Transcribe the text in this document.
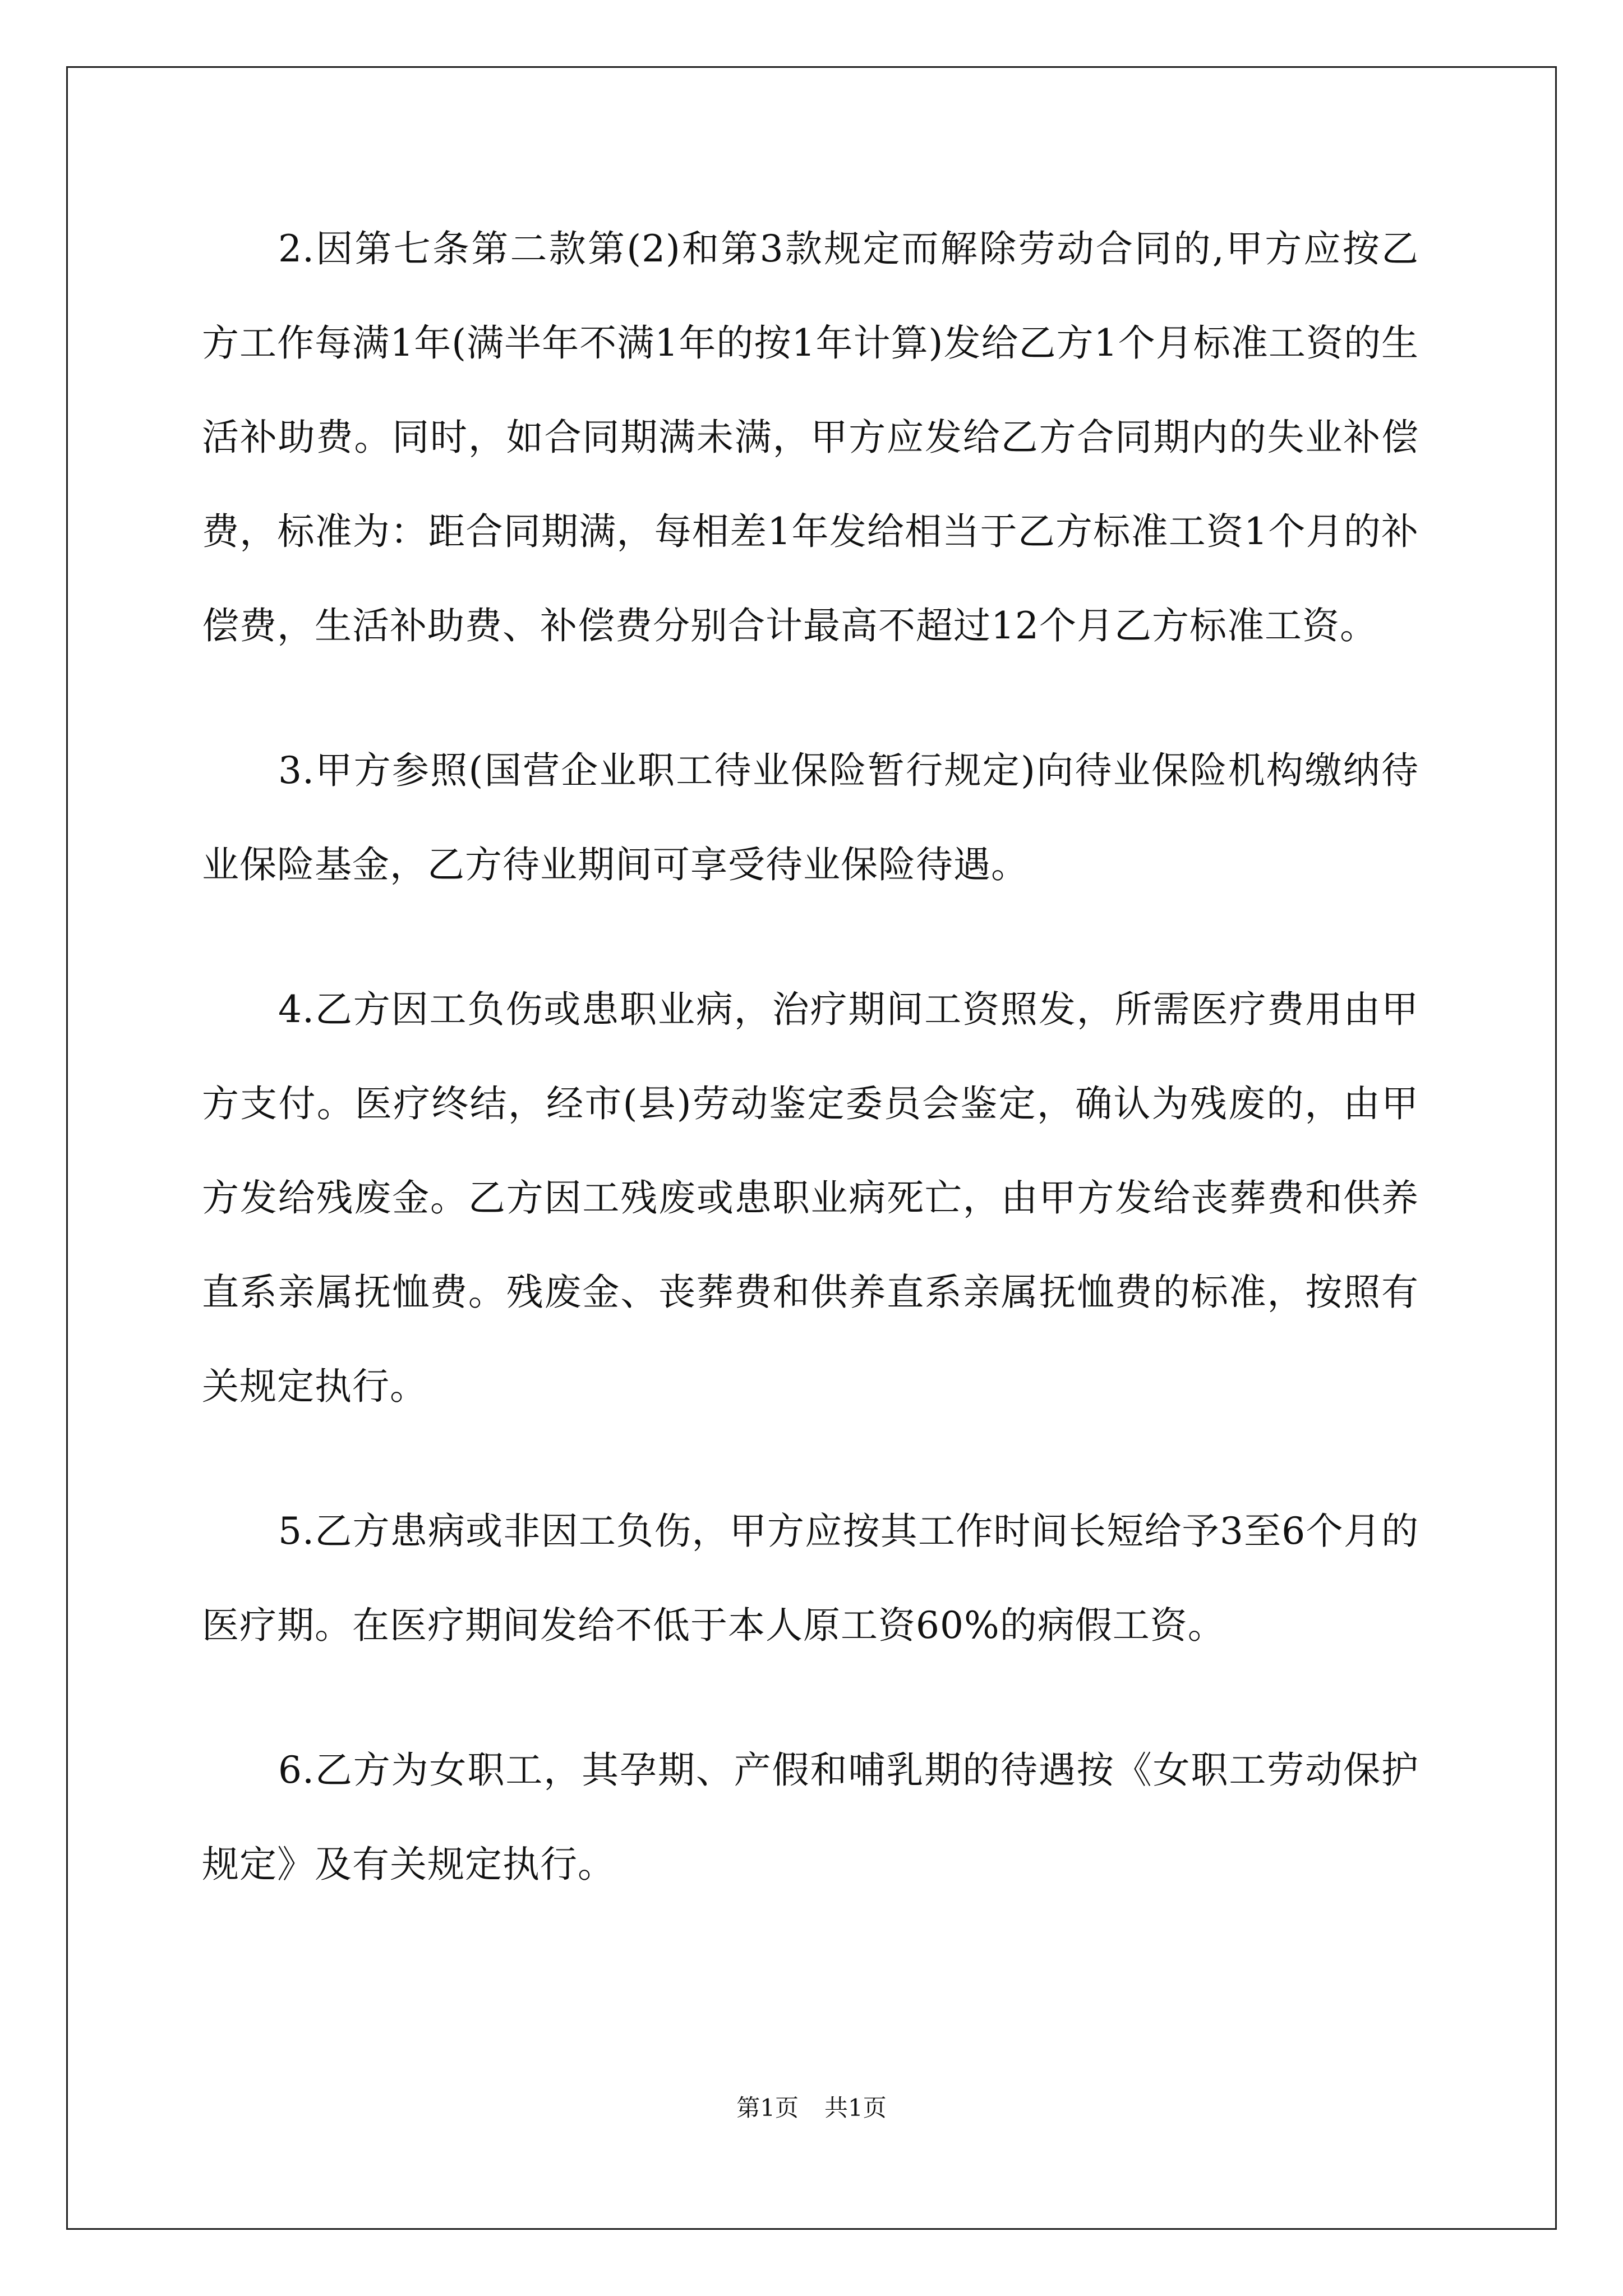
2.因第七条第二款第(2)和第3款规定而解除劳动合同的,甲方应按乙方工作每满1年(满半年不满1年的按1年计算)发给乙方1个月标准工资的生活补助费。同时，如合同期满未满，甲方应发给乙方合同期内的失业补偿费，标准为：距合同期满，每相差1年发给相当于乙方标准工资1个月的补偿费，生活补助费、补偿费分别合计最高不超过12个月乙方标准工资。

3.甲方参照(国营企业职工待业保险暂行规定)向待业保险机构缴纳待业保险基金，乙方待业期间可享受待业保险待遇。

4.乙方因工负伤或患职业病，治疗期间工资照发，所需医疗费用由甲方支付。医疗终结，经市(县)劳动鉴定委员会鉴定，确认为残废的，由甲方发给残废金。乙方因工残废或患职业病死亡，由甲方发给丧葬费和供养直系亲属抚恤费。残废金、丧葬费和供养直系亲属抚恤费的标准，按照有关规定执行。

5.乙方患病或非因工负伤，甲方应按其工作时间长短给予3至6个月的医疗期。在医疗期间发给不低于本人原工资60%的病假工资。

6.乙方为女职工，其孕期、产假和哺乳期的待遇按《女职工劳动保护规定》及有关规定执行。

第1页 共1页
